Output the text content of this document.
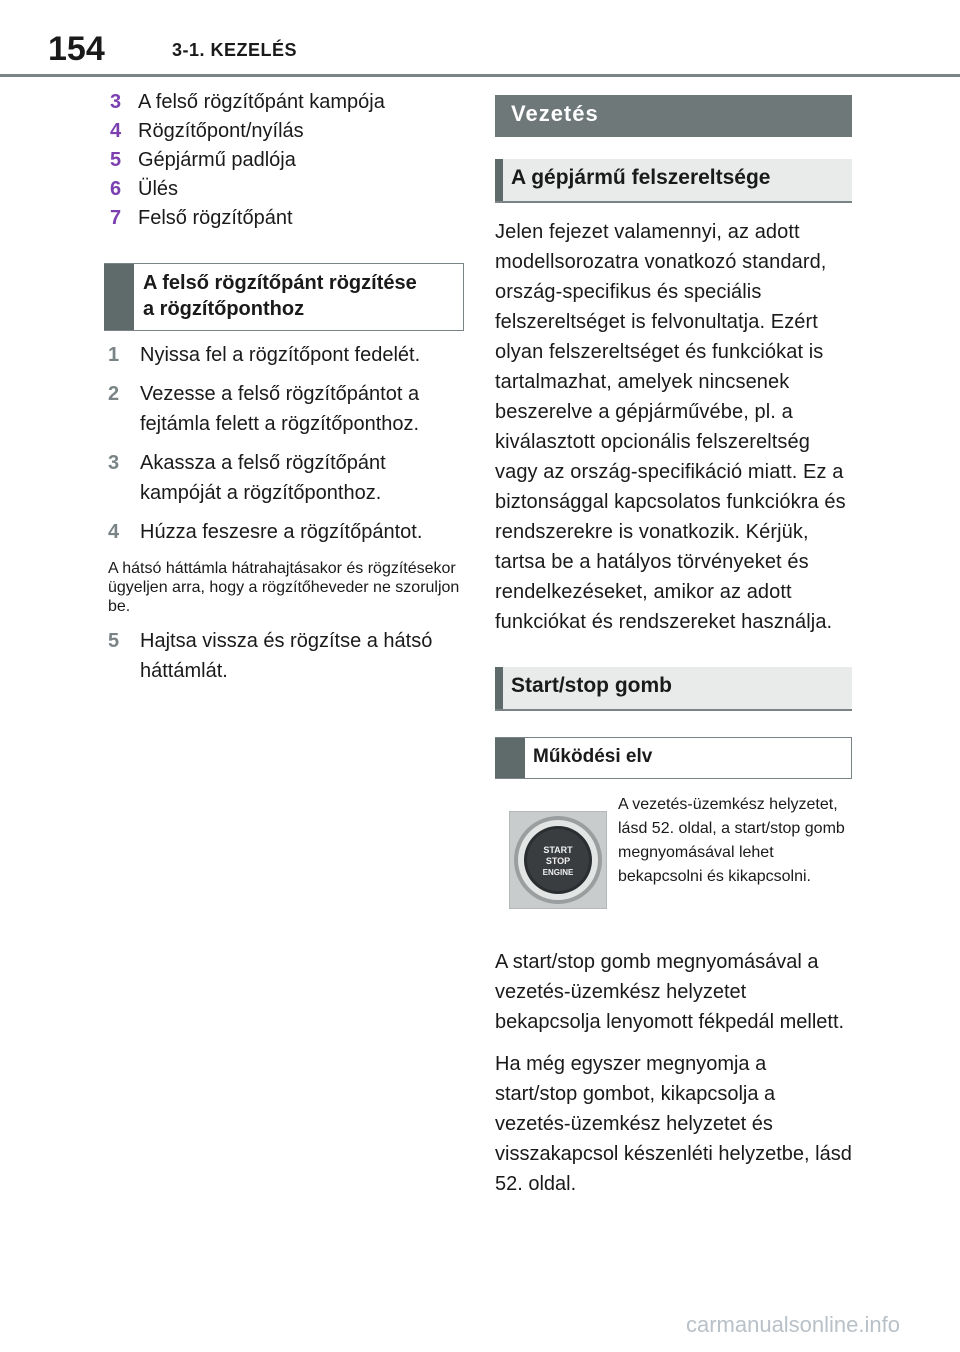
154	3-1. KEZELÉS
3 A felső rögzítőpánt kampója
4 Rögzítőpont/nyílás
5 Gépjármű padlója
6 Ülés
7 Felső rögzítőpánt
A felső rögzítőpánt rögzítése
a rögzítőponthoz
1 Nyissa fel a rögzítőpont fedelét.
2 Vezesse a felső rögzítőpántot a fejtámla felett a rögzítőponthoz.
3 Akassza a felső rögzítőpánt kampóját a rögzítőponthoz.
4 Húzza feszesre a rögzítőpántot.
A hátsó háttámla hátrahajtásakor és rögzítésekor ügyeljen arra, hogy a rögzítőheveder ne szoruljon be.
5 Hajtsa vissza és rögzítse a hátsó háttámlát.
Vezetés
A gépjármű felszereltsége
Jelen fejezet valamennyi, az adott modellsorozatra vonatkozó standard, ország-specifikus és speciális felszereltséget is felvonultatja. Ezért olyan felszereltséget és funkciókat is tartalmazhat, amelyek nincsenek beszerelve a gépjárművébe, pl. a kiválasztott opcionális felszereltség vagy az ország-specifikáció miatt. Ez a biztonsággal kapcsolatos funkciókra és rendszerekre is vonatkozik. Kérjük, tartsa be a hatályos törvényeket és rendelkezéseket, amikor az adott funkciókat és rendszereket használja.
Start/stop gomb
Működési elv
START
STOP
ENGINE
A vezetés-üzemkész helyzetet, lásd 52. oldal, a start/stop gomb megnyomásával lehet bekapcsolni és kikapcsolni.
A start/stop gomb megnyomásával a vezetés-üzemkész helyzetet bekapcsolja lenyomott fékpedál mellett.
Ha még egyszer megnyomja a start/stop gombot, kikapcsolja a vezetés-üzemkész helyzetet és visszakapcsol készenléti helyzetbe, lásd 52. oldal.
carmanualsonline.info
